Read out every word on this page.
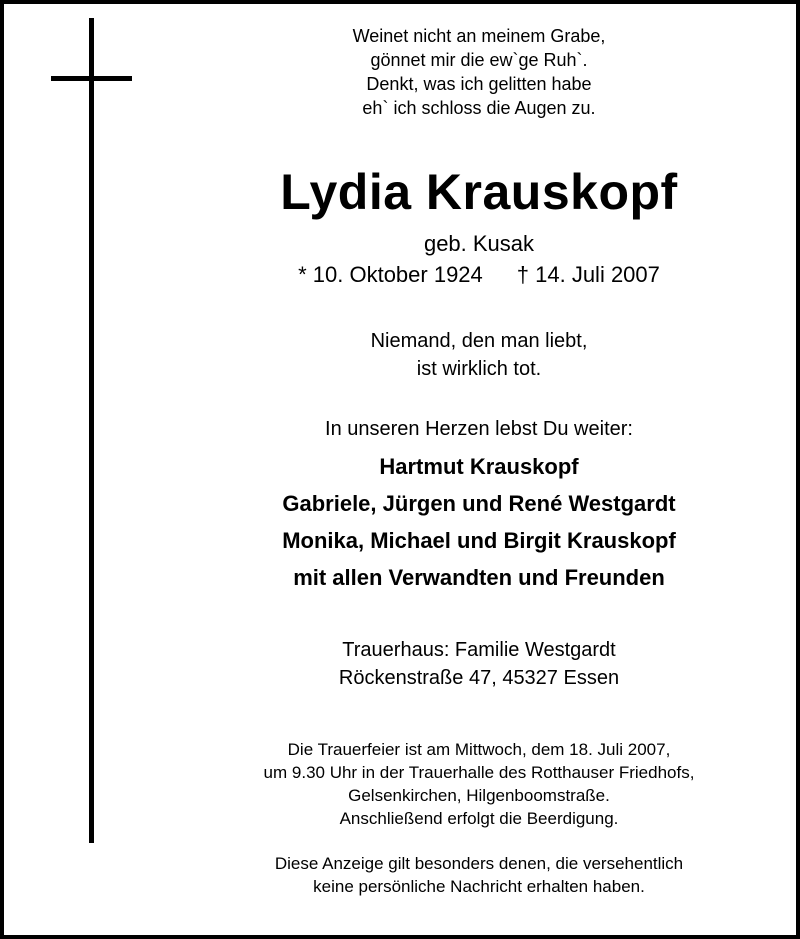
Weinet nicht an meinem Grabe,
gönnet mir die ew`ge Ruh`.
Denkt, was ich gelitten habe
eh` ich schloss die Augen zu.
Lydia Krauskopf
geb. Kusak
* 10. Oktober 1924 † 14. Juli 2007
Niemand, den man liebt,
ist wirklich tot.
In unseren Herzen lebst Du weiter:
Hartmut Krauskopf
Gabriele, Jürgen und René Westgardt
Monika, Michael und Birgit Krauskopf
mit allen Verwandten und Freunden
Trauerhaus: Familie Westgardt
Röckenstraße 47, 45327 Essen
Die Trauerfeier ist am Mittwoch, dem 18. Juli 2007,
um 9.30 Uhr in der Trauerhalle des Rotthauser Friedhofs,
Gelsenkirchen, Hilgenboomstraße.
Anschließend erfolgt die Beerdigung.
Diese Anzeige gilt besonders denen, die versehentlich
keine persönliche Nachricht erhalten haben.
